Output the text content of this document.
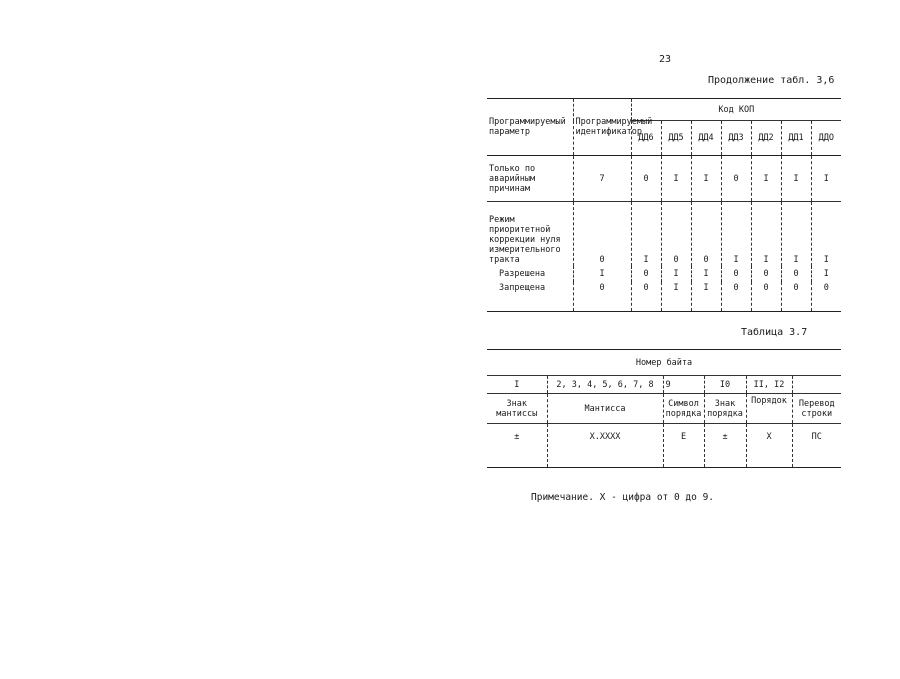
23
Продолжение табл. 3,6
Программируемый параметр	Программируемый идентификатор	Код КОП						
		ДД6	ДД5	ДД4	ДД3	ДД2	ДД1	ДДО
Только по аварийным причинам	7	0	I	I	0	I	I	I
Режим приоритетной коррекции нуля измерительного тракта	0	I	0	0	I	I	I	I
Разрешена	I	0	I	I	0	0	0	I
Запрещена	0	0	I	I	0	0	0	0
Таблица 3.7
Номер байта					
I	2, 3, 4, 5, 6, 7, 8	9	I0	II, I2	
Знак мантиссы	Мантисса	Символ порядка	Знак порядка	Порядок	Перевод строки
±	X.XXXX	E	±	X	ПС
Примечание. X - цифра от 0 до 9.
